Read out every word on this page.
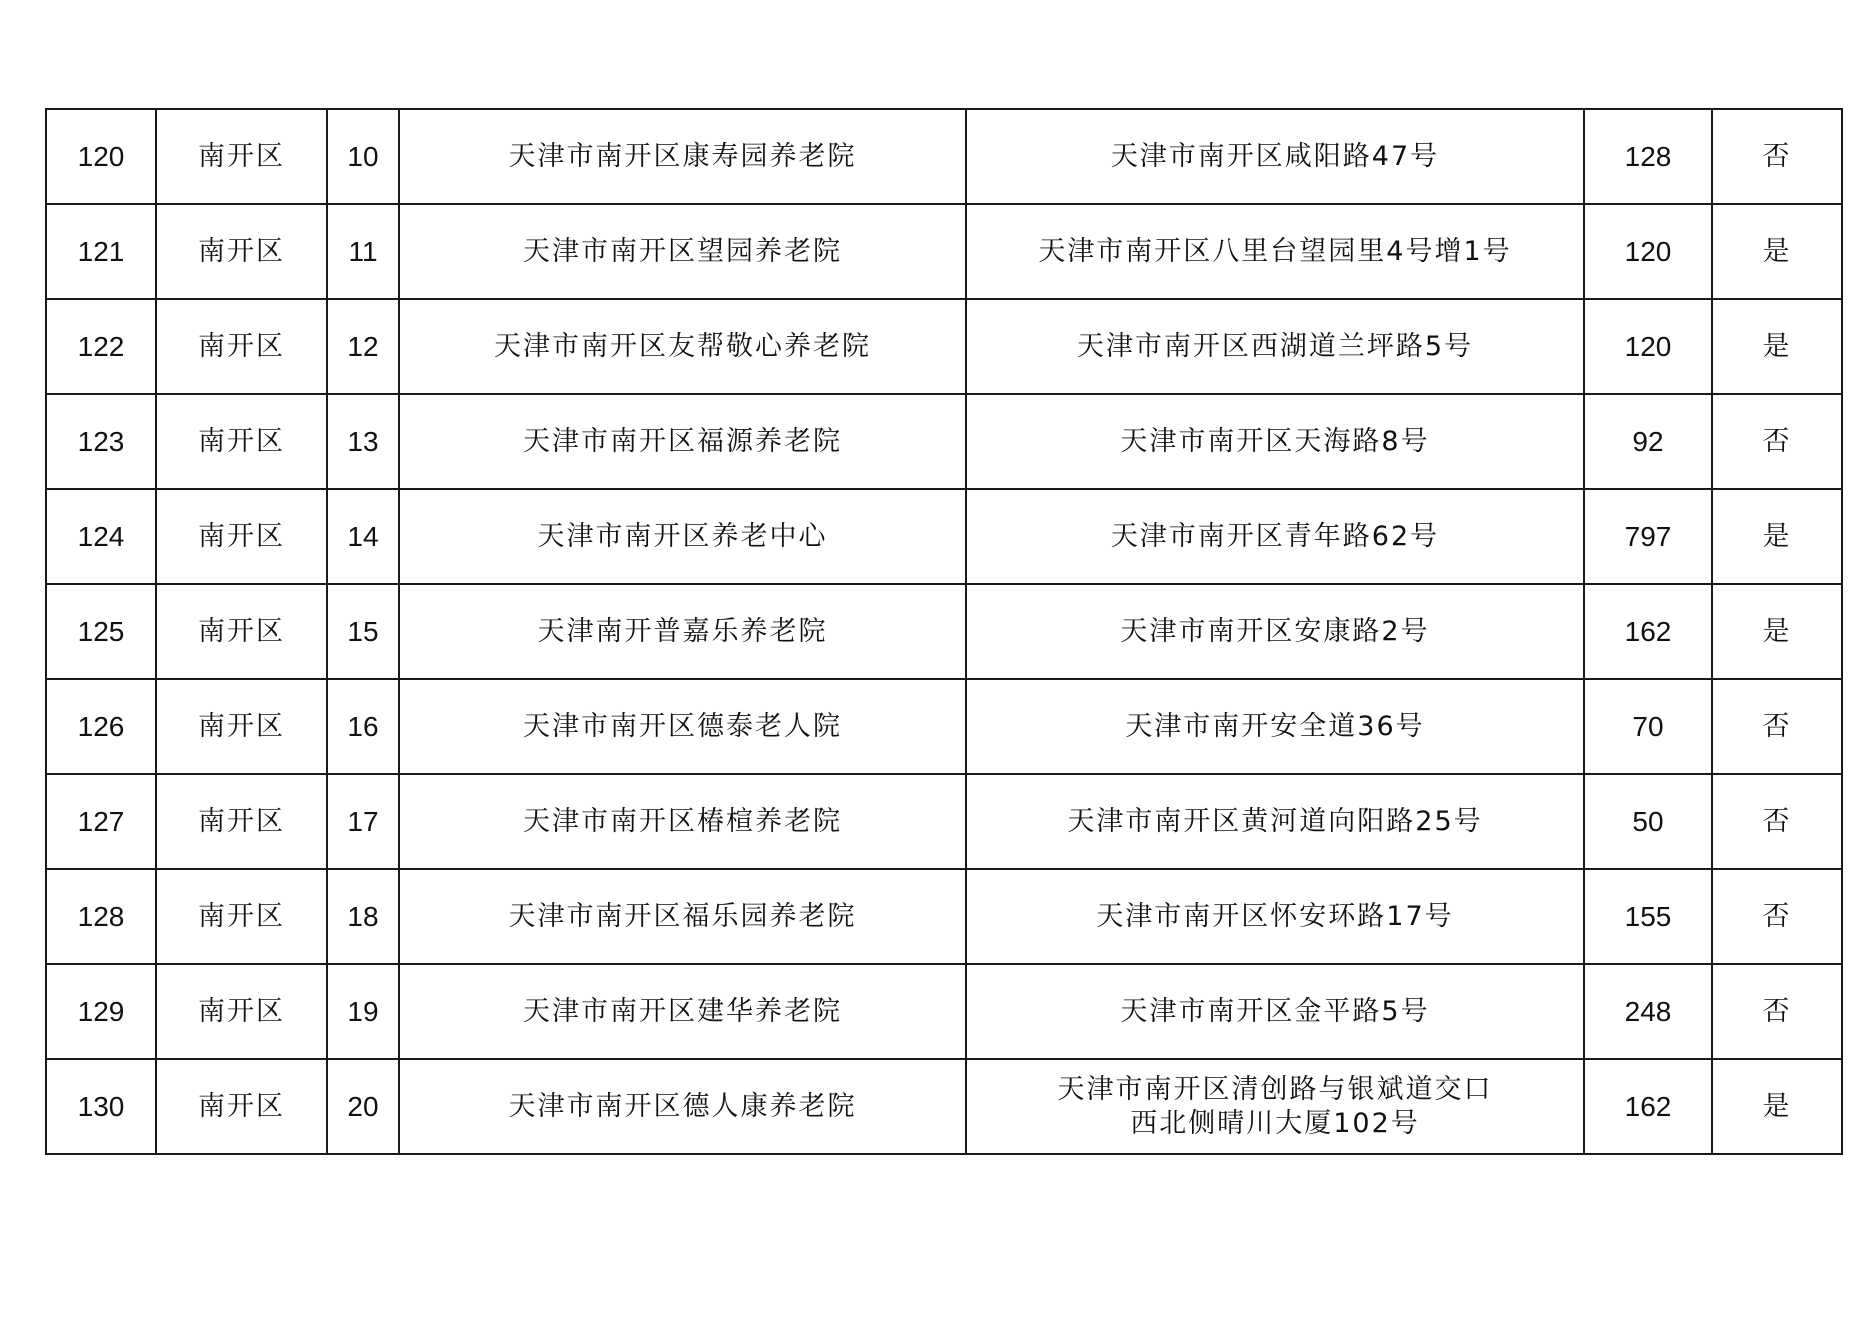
120	南开区	10	天津市南开区康寿园养老院	天津市南开区咸阳路47号	128	否
121	南开区	11	天津市南开区望园养老院	天津市南开区八里台望园里4号增1号	120	是
122	南开区	12	天津市南开区友帮敬心养老院	天津市南开区西湖道兰坪路5号	120	是
123	南开区	13	天津市南开区福源养老院	天津市南开区天海路8号	92	否
124	南开区	14	天津市南开区养老中心	天津市南开区青年路62号	797	是
125	南开区	15	天津南开普嘉乐养老院	天津市南开区安康路2号	162	是
126	南开区	16	天津市南开区德泰老人院	天津市南开安全道36号	70	否
127	南开区	17	天津市南开区椿楦养老院	天津市南开区黄河道向阳路25号	50	否
128	南开区	18	天津市南开区福乐园养老院	天津市南开区怀安环路17号	155	否
129	南开区	19	天津市南开区建华养老院	天津市南开区金平路5号	248	否
130	南开区	20	天津市南开区德人康养老院	天津市南开区清创路与银斌道交口
西北侧晴川大厦102号	162	是
